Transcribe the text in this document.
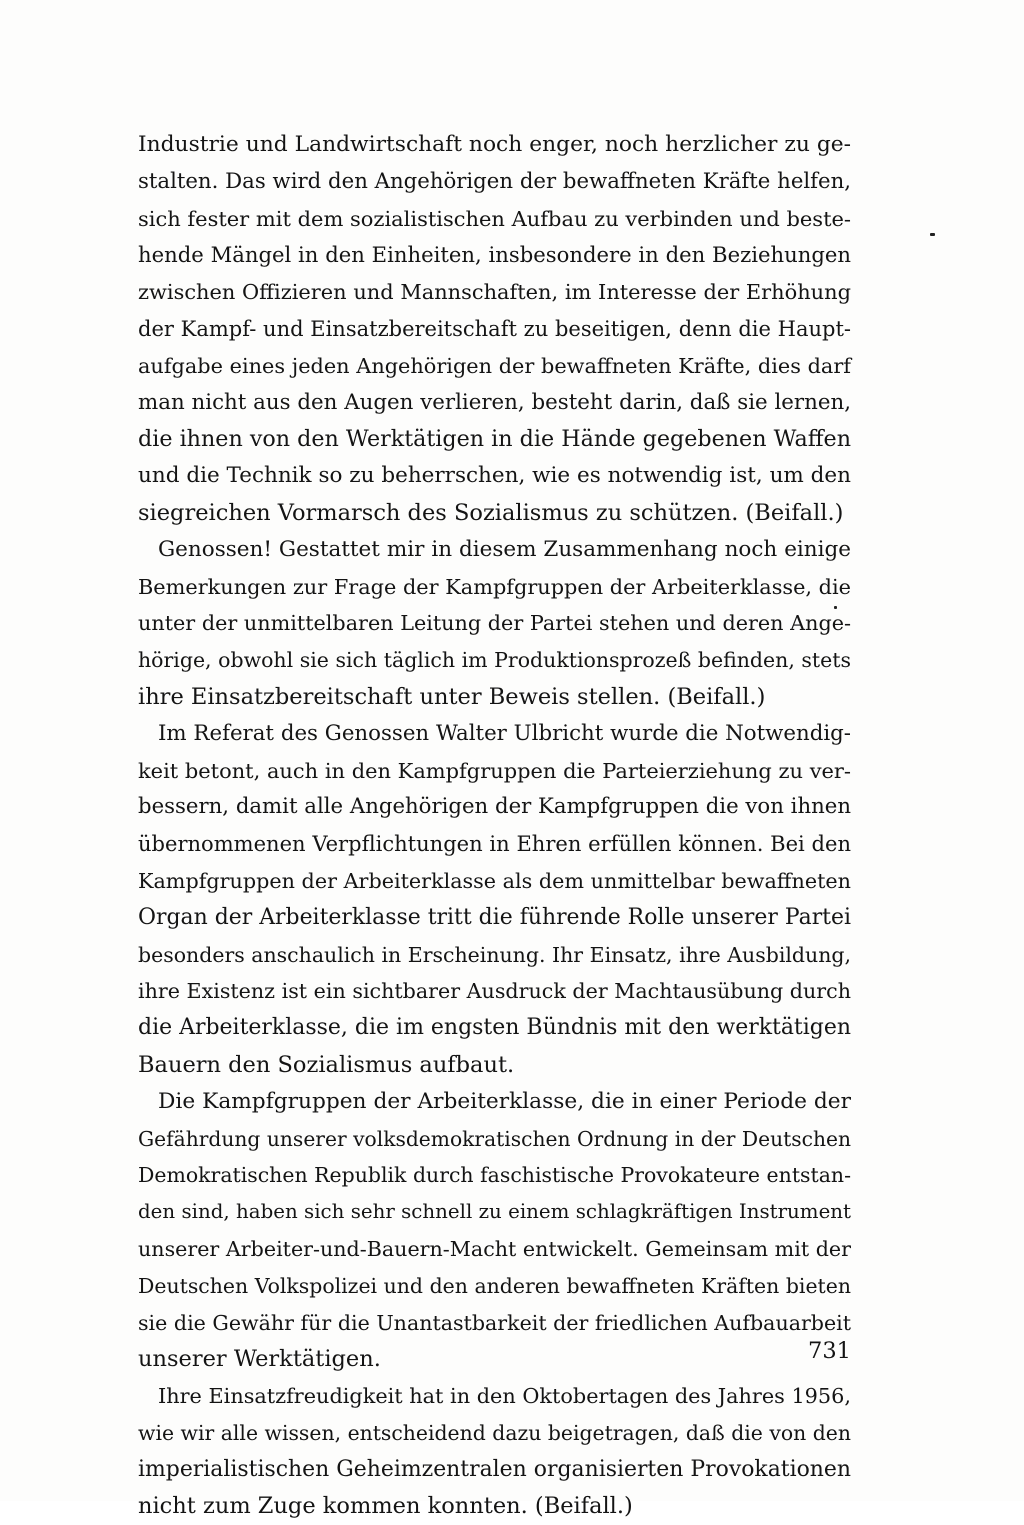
Industrie und Landwirtschaft noch enger, noch herzlicher zu ge-
stalten. Das wird den Angehörigen der bewaffneten Kräfte helfen,
sich fester mit dem sozialistischen Aufbau zu verbinden und beste-
hende Mängel in den Einheiten, insbesondere in den Beziehungen
zwischen Offizieren und Mannschaften, im Interesse der Erhöhung
der Kampf- und Einsatzbereitschaft zu beseitigen, denn die Haupt-
aufgabe eines jeden Angehörigen der bewaffneten Kräfte, dies darf
man nicht aus den Augen verlieren, besteht darin, daß sie lernen,
die ihnen von den Werktätigen in die Hände gegebenen Waffen
und die Technik so zu beherrschen, wie es notwendig ist, um den
siegreichen Vormarsch des Sozialismus zu schützen. (Beifall.)
Genossen! Gestattet mir in diesem Zusammenhang noch einige
Bemerkungen zur Frage der Kampfgruppen der Arbeiterklasse, die
unter der unmittelbaren Leitung der Partei stehen und deren Ange-
hörige, obwohl sie sich täglich im Produktionsprozeß befinden, stets
ihre Einsatzbereitschaft unter Beweis stellen. (Beifall.)
Im Referat des Genossen Walter Ulbricht wurde die Notwendig-
keit betont, auch in den Kampfgruppen die Parteierziehung zu ver-
bessern, damit alle Angehörigen der Kampfgruppen die von ihnen
übernommenen Verpflichtungen in Ehren erfüllen können. Bei den
Kampfgruppen der Arbeiterklasse als dem unmittelbar bewaffneten
Organ der Arbeiterklasse tritt die führende Rolle unserer Partei
besonders anschaulich in Erscheinung. Ihr Einsatz, ihre Ausbildung,
ihre Existenz ist ein sichtbarer Ausdruck der Machtausübung durch
die Arbeiterklasse, die im engsten Bündnis mit den werktätigen
Bauern den Sozialismus aufbaut.
Die Kampfgruppen der Arbeiterklasse, die in einer Periode der
Gefährdung unserer volksdemokratischen Ordnung in der Deutschen
Demokratischen Republik durch faschistische Provokateure entstan-
den sind, haben sich sehr schnell zu einem schlagkräftigen Instrument
unserer Arbeiter-und-Bauern-Macht entwickelt. Gemeinsam mit der
Deutschen Volkspolizei und den anderen bewaffneten Kräften bieten
sie die Gewähr für die Unantastbarkeit der friedlichen Aufbauarbeit
unserer Werktätigen.
Ihre Einsatzfreudigkeit hat in den Oktobertagen des Jahres 1956,
wie wir alle wissen, entscheidend dazu beigetragen, daß die von den
imperialistischen Geheimzentralen organisierten Provokationen
nicht zum Zuge kommen konnten. (Beifall.)
731
